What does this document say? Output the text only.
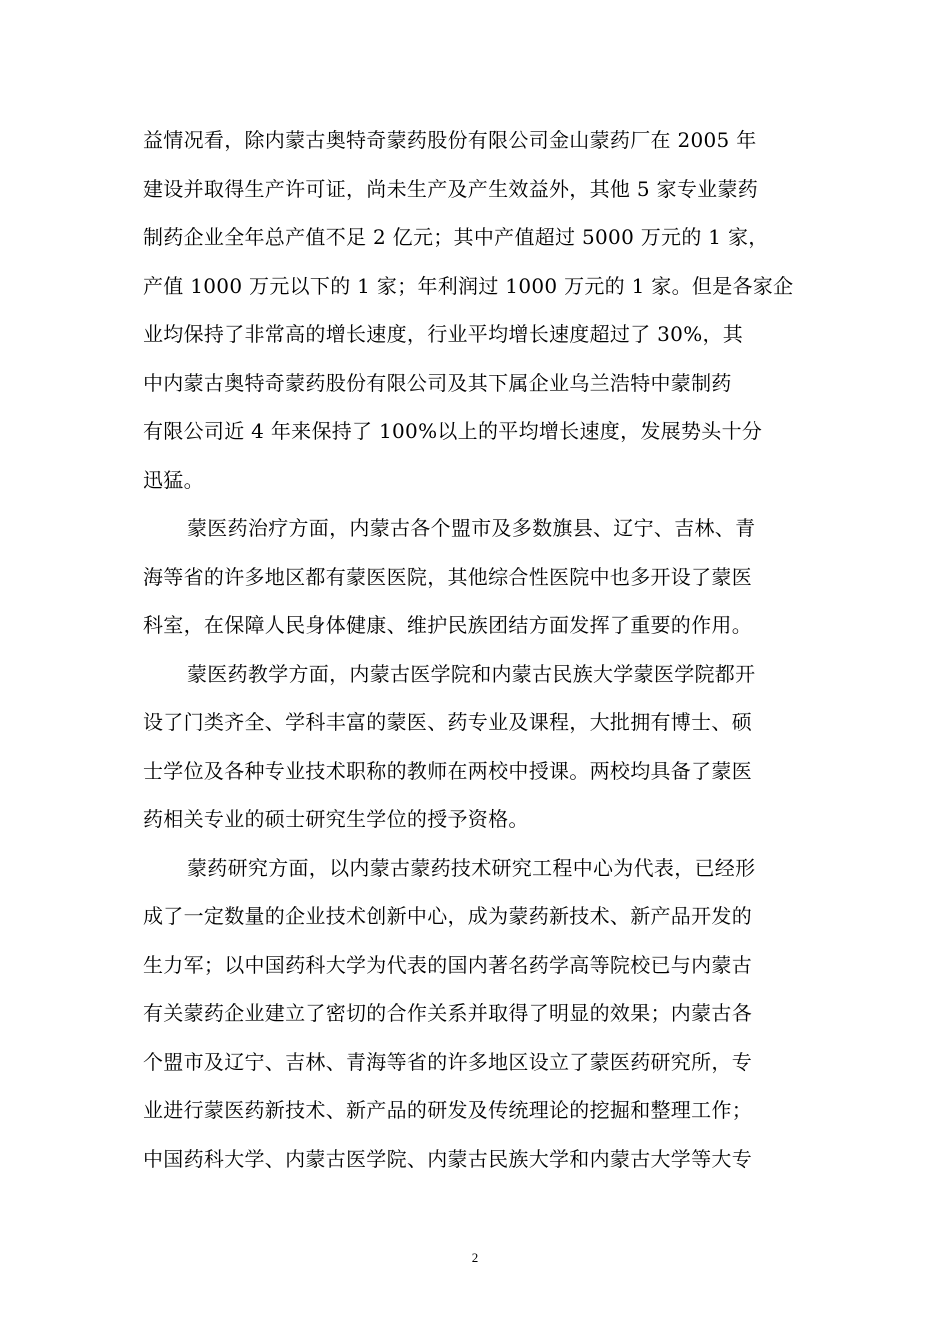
益情况看，除内蒙古奥特奇蒙药股份有限公司金山蒙药厂在 2005 年
建设并取得生产许可证，尚未生产及产生效益外，其他 5 家专业蒙药
制药企业全年总产值不足 2 亿元；其中产值超过 5000 万元的 1 家，
产值 1000 万元以下的 1 家；年利润过 1000 万元的 1 家。但是各家企
业均保持了非常高的增长速度，行业平均增长速度超过了 30%，其
中内蒙古奥特奇蒙药股份有限公司及其下属企业乌兰浩特中蒙制药
有限公司近 4 年来保持了 100%以上的平均增长速度，发展势头十分
迅猛。

蒙医药治疗方面，内蒙古各个盟市及多数旗县、辽宁、吉林、青
海等省的许多地区都有蒙医医院，其他综合性医院中也多开设了蒙医
科室，在保障人民身体健康、维护民族团结方面发挥了重要的作用。

蒙医药教学方面，内蒙古医学院和内蒙古民族大学蒙医学院都开
设了门类齐全、学科丰富的蒙医、药专业及课程，大批拥有博士、硕
士学位及各种专业技术职称的教师在两校中授课。两校均具备了蒙医
药相关专业的硕士研究生学位的授予资格。

蒙药研究方面，以内蒙古蒙药技术研究工程中心为代表，已经形
成了一定数量的企业技术创新中心，成为蒙药新技术、新产品开发的
生力军；以中国药科大学为代表的国内著名药学高等院校已与内蒙古
有关蒙药企业建立了密切的合作关系并取得了明显的效果；内蒙古各
个盟市及辽宁、吉林、青海等省的许多地区设立了蒙医药研究所，专
业进行蒙医药新技术、新产品的研发及传统理论的挖掘和整理工作；
中国药科大学、内蒙古医学院、内蒙古民族大学和内蒙古大学等大专

2
